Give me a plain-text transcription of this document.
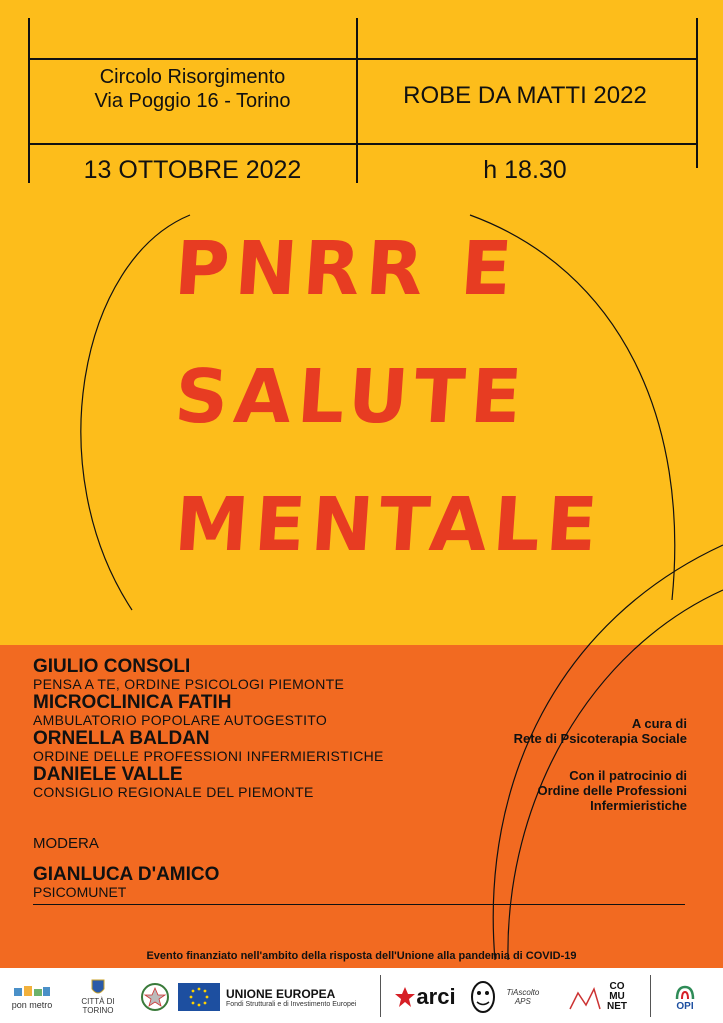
Circolo Risorgimento
Via Poggio 16 - Torino	ROBE DA MATTI 2022
13 OTTOBRE 2022	h 18.30
PNRR E
SALUTE
MENTALE
GIULIO CONSOLI
PENSA A TE, ORDINE PSICOLOGI PIEMONTE
MICROCLINICA FATIH
AMBULATORIO POPOLARE AUTOGESTITO
ORNELLA BALDAN
ORDINE DELLE PROFESSIONI INFERMIERISTICHE
DANIELE VALLE
CONSIGLIO REGIONALE DEL PIEMONTE
MODERA
GIANLUCA D'AMICO
PSICOMUNET

A cura di

Rete di Psicoterapia Sociale

Con il patrocinio di

Ordine delle Professioni Infermieristiche

Evento finanziato nell'ambito della risposta dell'Unione alla pandemia di COVID-19
pon metro	CITTÀ DI TORINO
UNIONE EUROPEA
Fondi Strutturali e di Investimento Europei	arci	TiAscolto APS
CO MU NET	OPI
